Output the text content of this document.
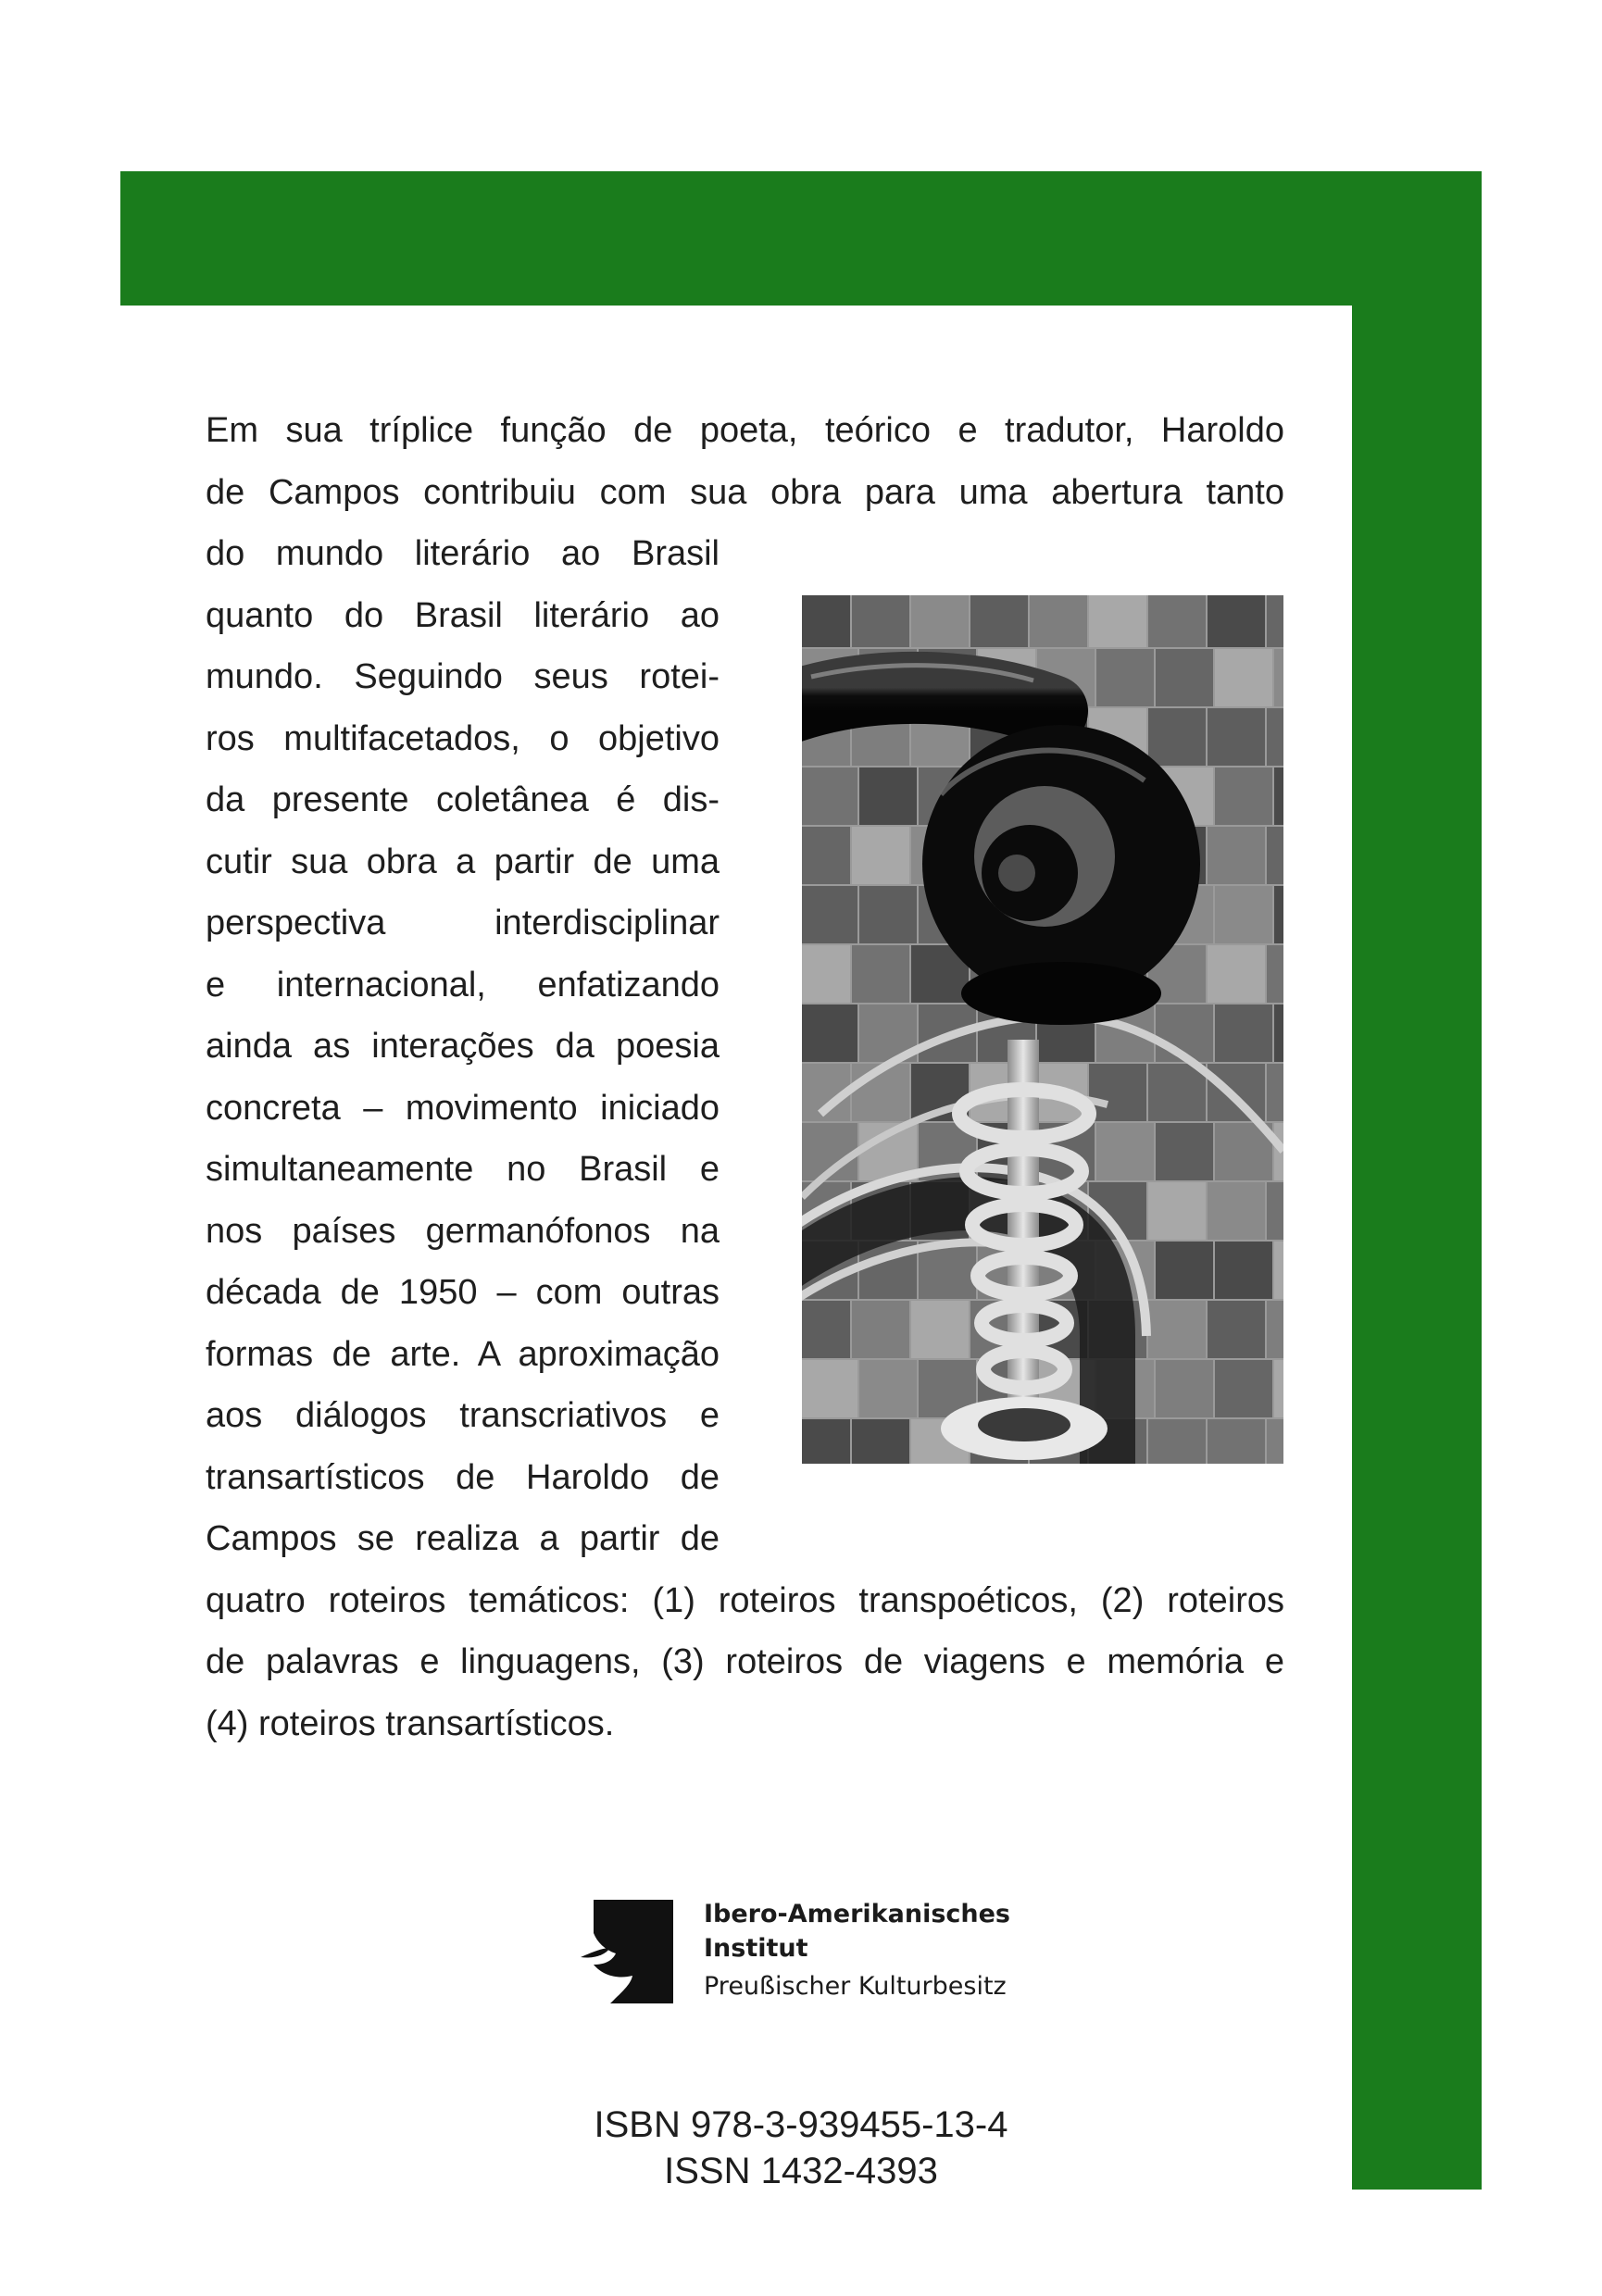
Em sua tríplice função de poeta, teórico e tradutor, Haroldo
de Campos contribuiu com sua obra para uma abertura tanto
do mundo literário ao Brasil
quanto do Brasil literário ao
mundo. Seguindo seus rotei-
ros multifacetados, o objetivo
da presente coletânea é dis-
cutir sua obra a partir de uma
perspectiva interdisciplinar
e internacional, enfatizando
ainda as interações da poesia
concreta – movimento iniciado
simultaneamente no Brasil e
nos países germanófonos na
década de 1950 – com outras
formas de arte. A aproximação
aos diálogos transcriativos e
transartísticos de Haroldo de
Campos se realiza a partir de
quatro roteiros temáticos: (1) roteiros transpoéticos, (2) roteiros
de palavras e linguagens, (3) roteiros de viagens e memória e
(4) roteiros transartísticos.
Ibero-Amerikanisches
Institut
Preußischer Kulturbesitz
ISBN 978-3-939455-13-4
ISSN 1432-4393
